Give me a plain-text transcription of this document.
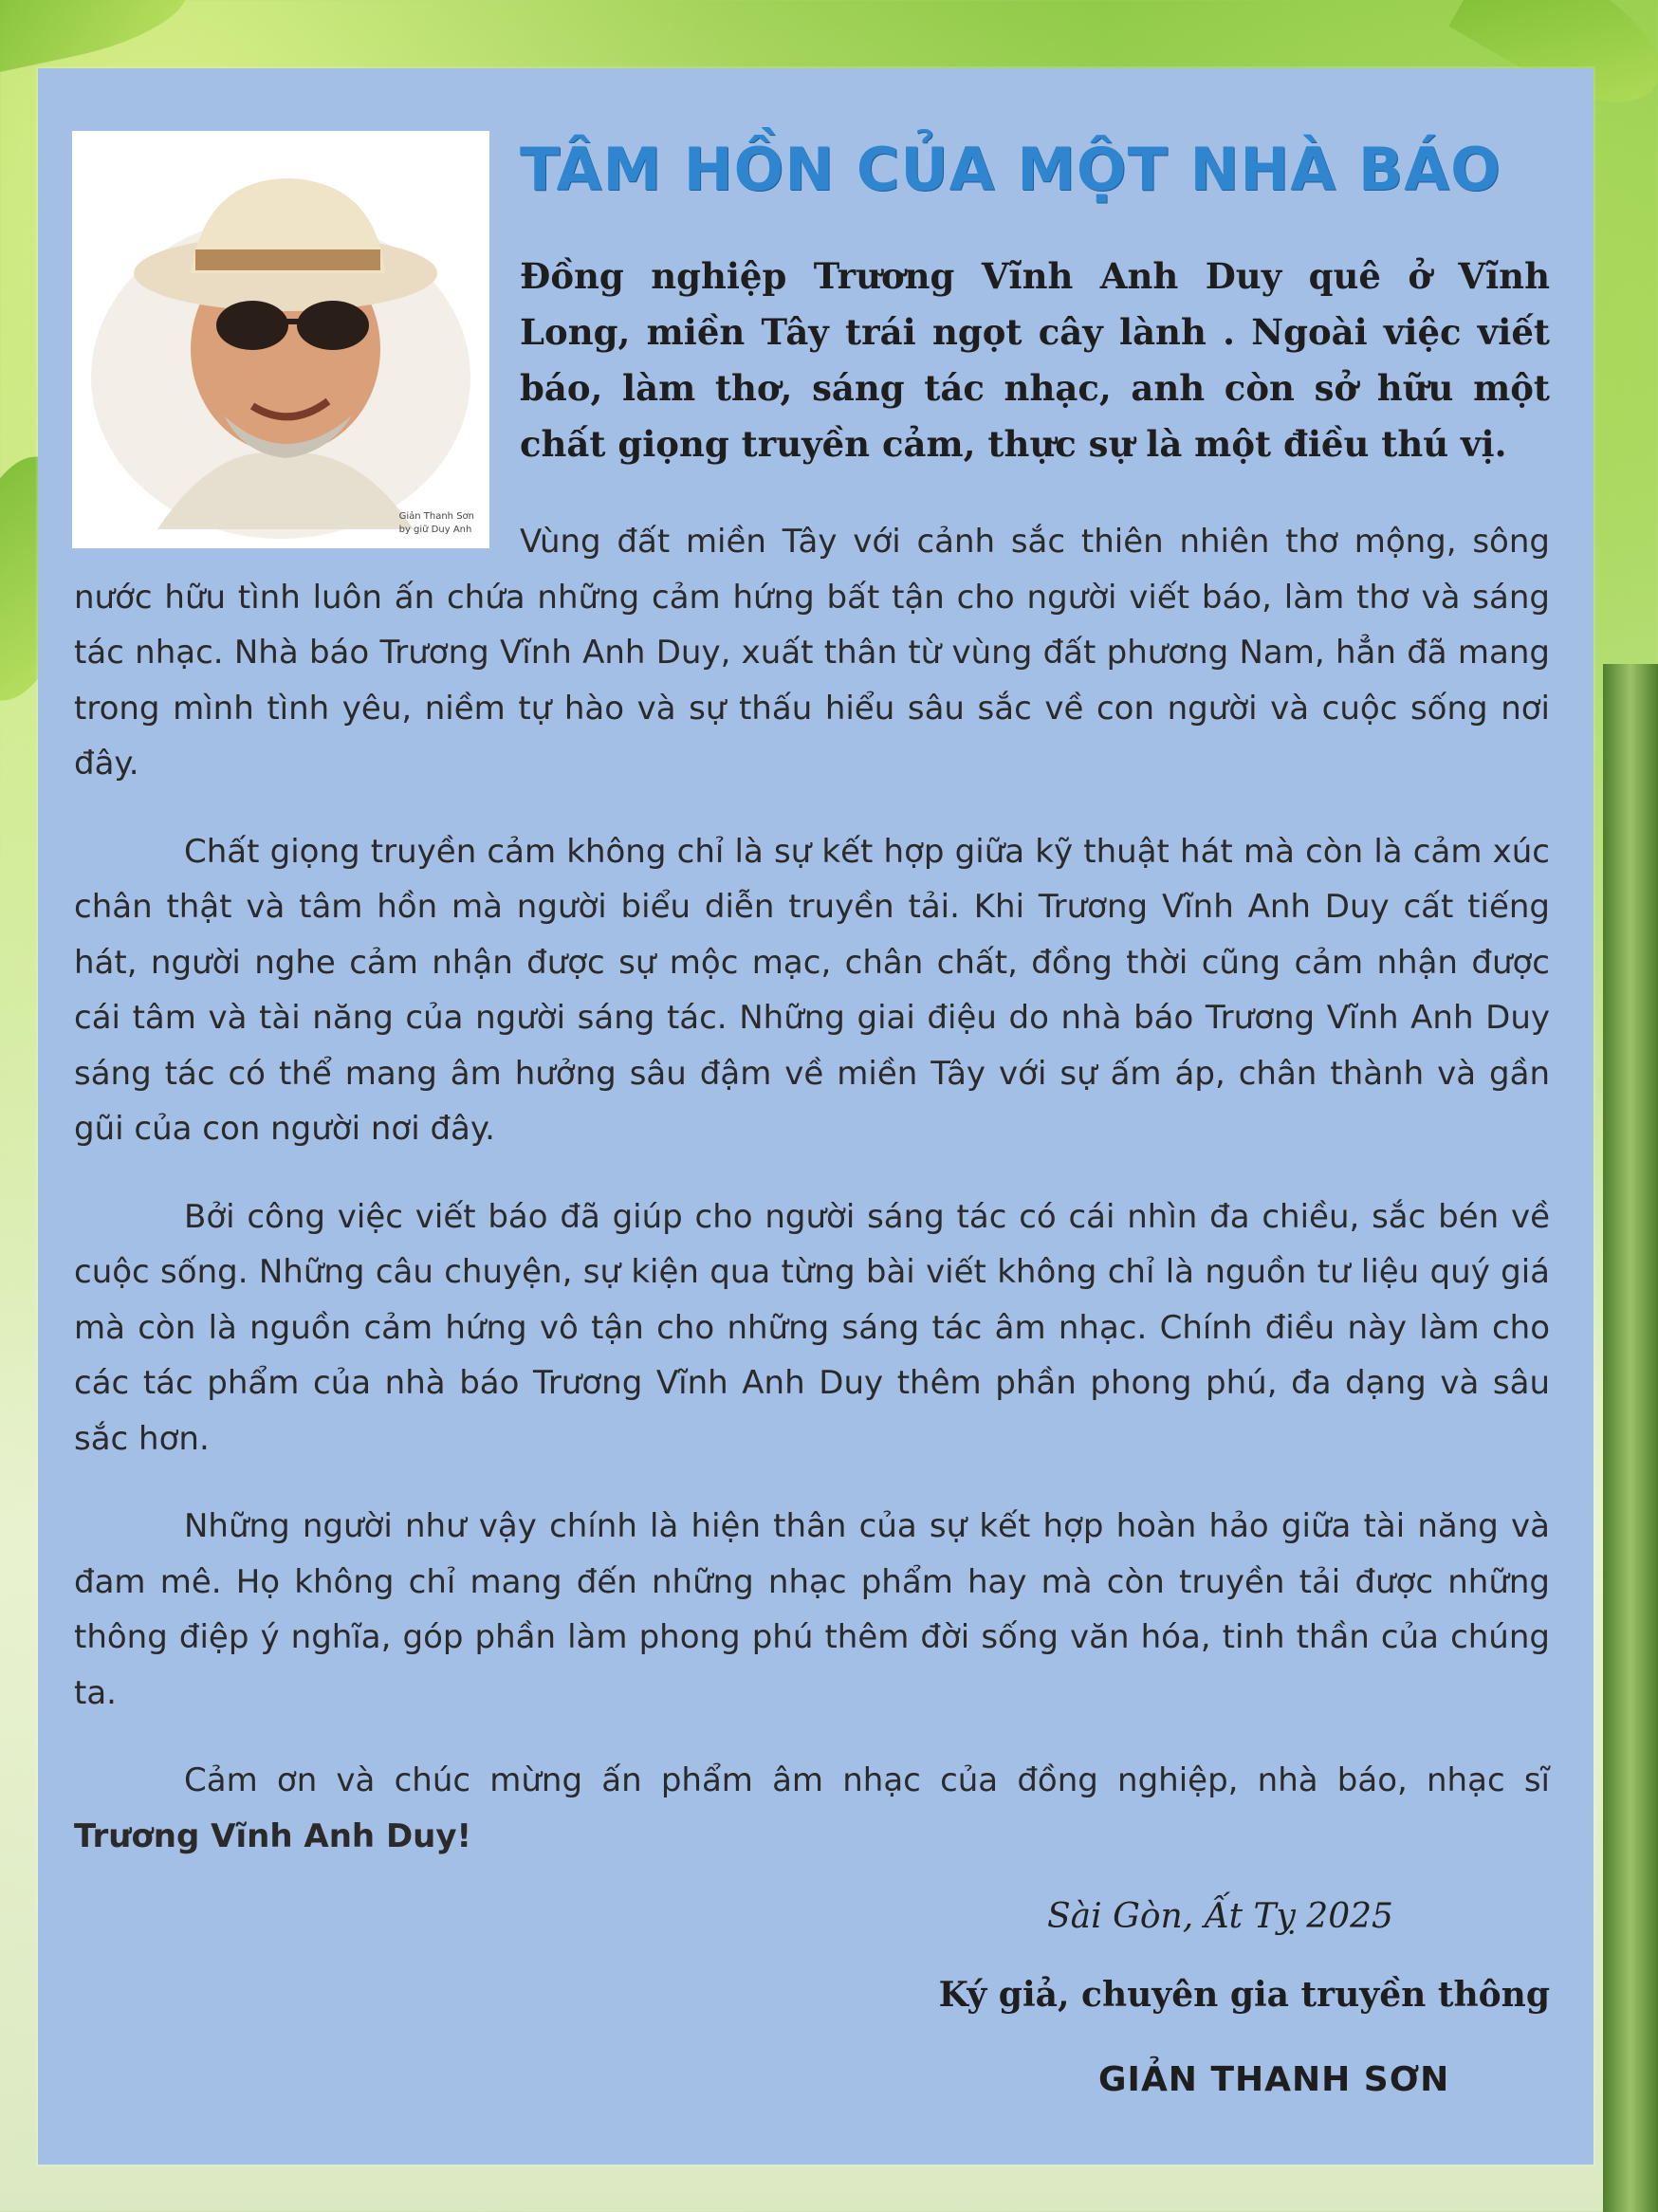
Giản Thanh Sơn
by giữ Duy Anh
TÂM HỒN CỦA MỘT NHÀ BÁO

Đồng nghiệp Trương Vĩnh Anh Duy quê ở Vĩnh Long, miền Tây trái ngọt cây lành . Ngoài việc viết báo, làm thơ, sáng tác nhạc, anh còn sở hữu một chất giọng truyền cảm, thực sự là một điều thú vị.

Vùng đất miền Tây với cảnh sắc thiên nhiên thơ mộng, sông nước hữu tình luôn ấn chứa những cảm hứng bất tận cho người viết báo, làm thơ và sáng tác nhạc. Nhà báo Trương Vĩnh Anh Duy, xuất thân từ vùng đất phương Nam, hẳn đã mang trong mình tình yêu, niềm tự hào và sự thấu hiểu sâu sắc về con người và cuộc sống nơi đây.

Chất giọng truyền cảm không chỉ là sự kết hợp giữa kỹ thuật hát mà còn là cảm xúc chân thật và tâm hồn mà người biểu diễn truyền tải. Khi Trương Vĩnh Anh Duy cất tiếng hát, người nghe cảm nhận được sự mộc mạc, chân chất, đồng thời cũng cảm nhận được cái tâm và tài năng của người sáng tác. Những giai điệu do nhà báo Trương Vĩnh Anh Duy sáng tác có thể mang âm hưởng sâu đậm về miền Tây với sự ấm áp, chân thành và gần gũi của con người nơi đây.

Bởi công việc viết báo đã giúp cho người sáng tác có cái nhìn đa chiều, sắc bén về cuộc sống. Những câu chuyện, sự kiện qua từng bài viết không chỉ là nguồn tư liệu quý giá mà còn là nguồn cảm hứng vô tận cho những sáng tác âm nhạc. Chính điều này làm cho các tác phẩm của nhà báo Trương Vĩnh Anh Duy thêm phần phong phú, đa dạng và sâu sắc hơn.

Những người như vậy chính là hiện thân của sự kết hợp hoàn hảo giữa tài năng và đam mê. Họ không chỉ mang đến những nhạc phẩm hay mà còn truyền tải được những thông điệp ý nghĩa, góp phần làm phong phú thêm đời sống văn hóa, tinh thần của chúng ta.

Cảm ơn và chúc mừng ấn phẩm âm nhạc của đồng nghiệp, nhà báo, nhạc sĩ Trương Vĩnh Anh Duy!

Sài Gòn, Ất Tỵ 2025
Ký giả, chuyên gia truyền thông
GIẢN THANH SƠN
